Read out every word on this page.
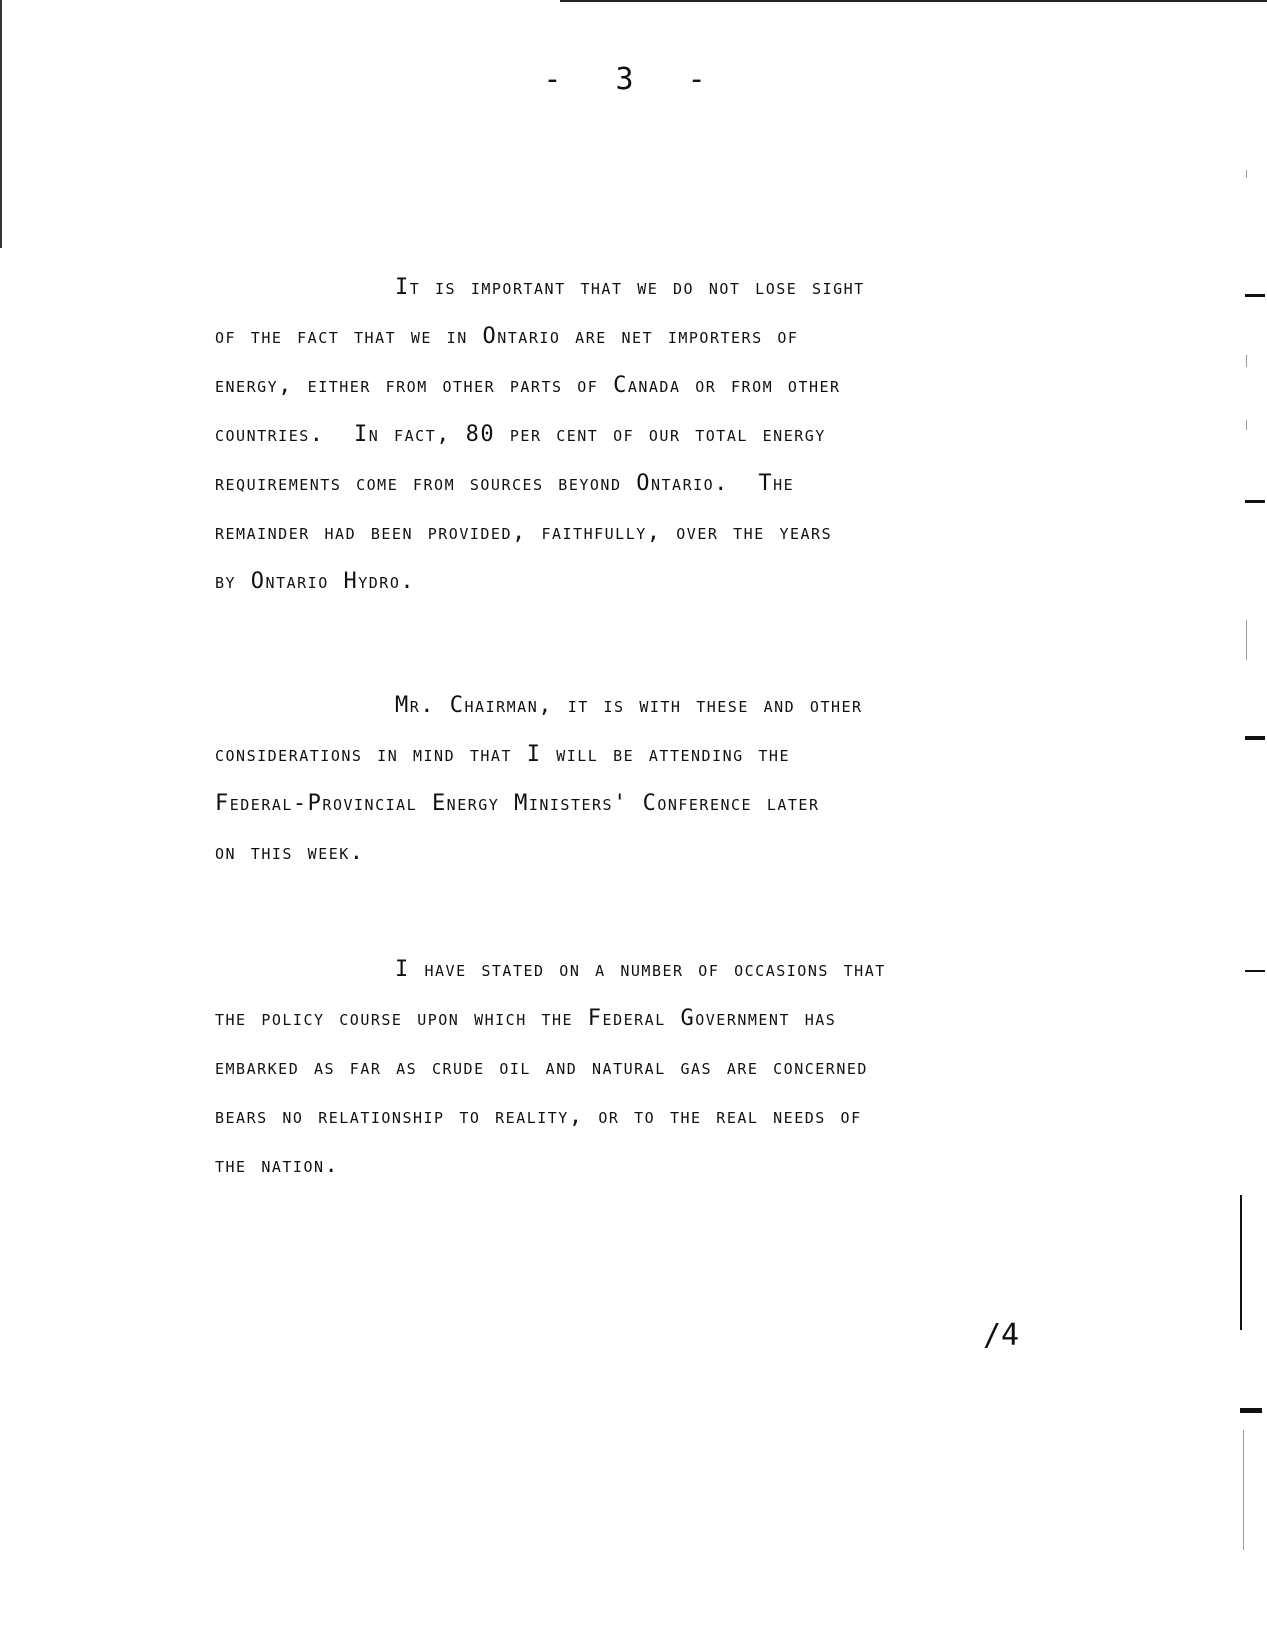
- 3 -
It is important that we do not lose sight
of the fact that we in Ontario are net importers of
energy, either from other parts of Canada or from other
countries.  In fact, 80 per cent of our total energy
requirements come from sources beyond Ontario.  The
remainder had been provided, faithfully, over the years
by Ontario Hydro.
Mr. Chairman, it is with these and other
considerations in mind that I will be attending the
Federal-Provincial Energy Ministers' Conference later
on this week.
I have stated on a number of occasions that
the policy course upon which the Federal Government has
embarked as far as crude oil and natural gas are concerned
bears no relationship to reality, or to the real needs of
the nation.
/4
